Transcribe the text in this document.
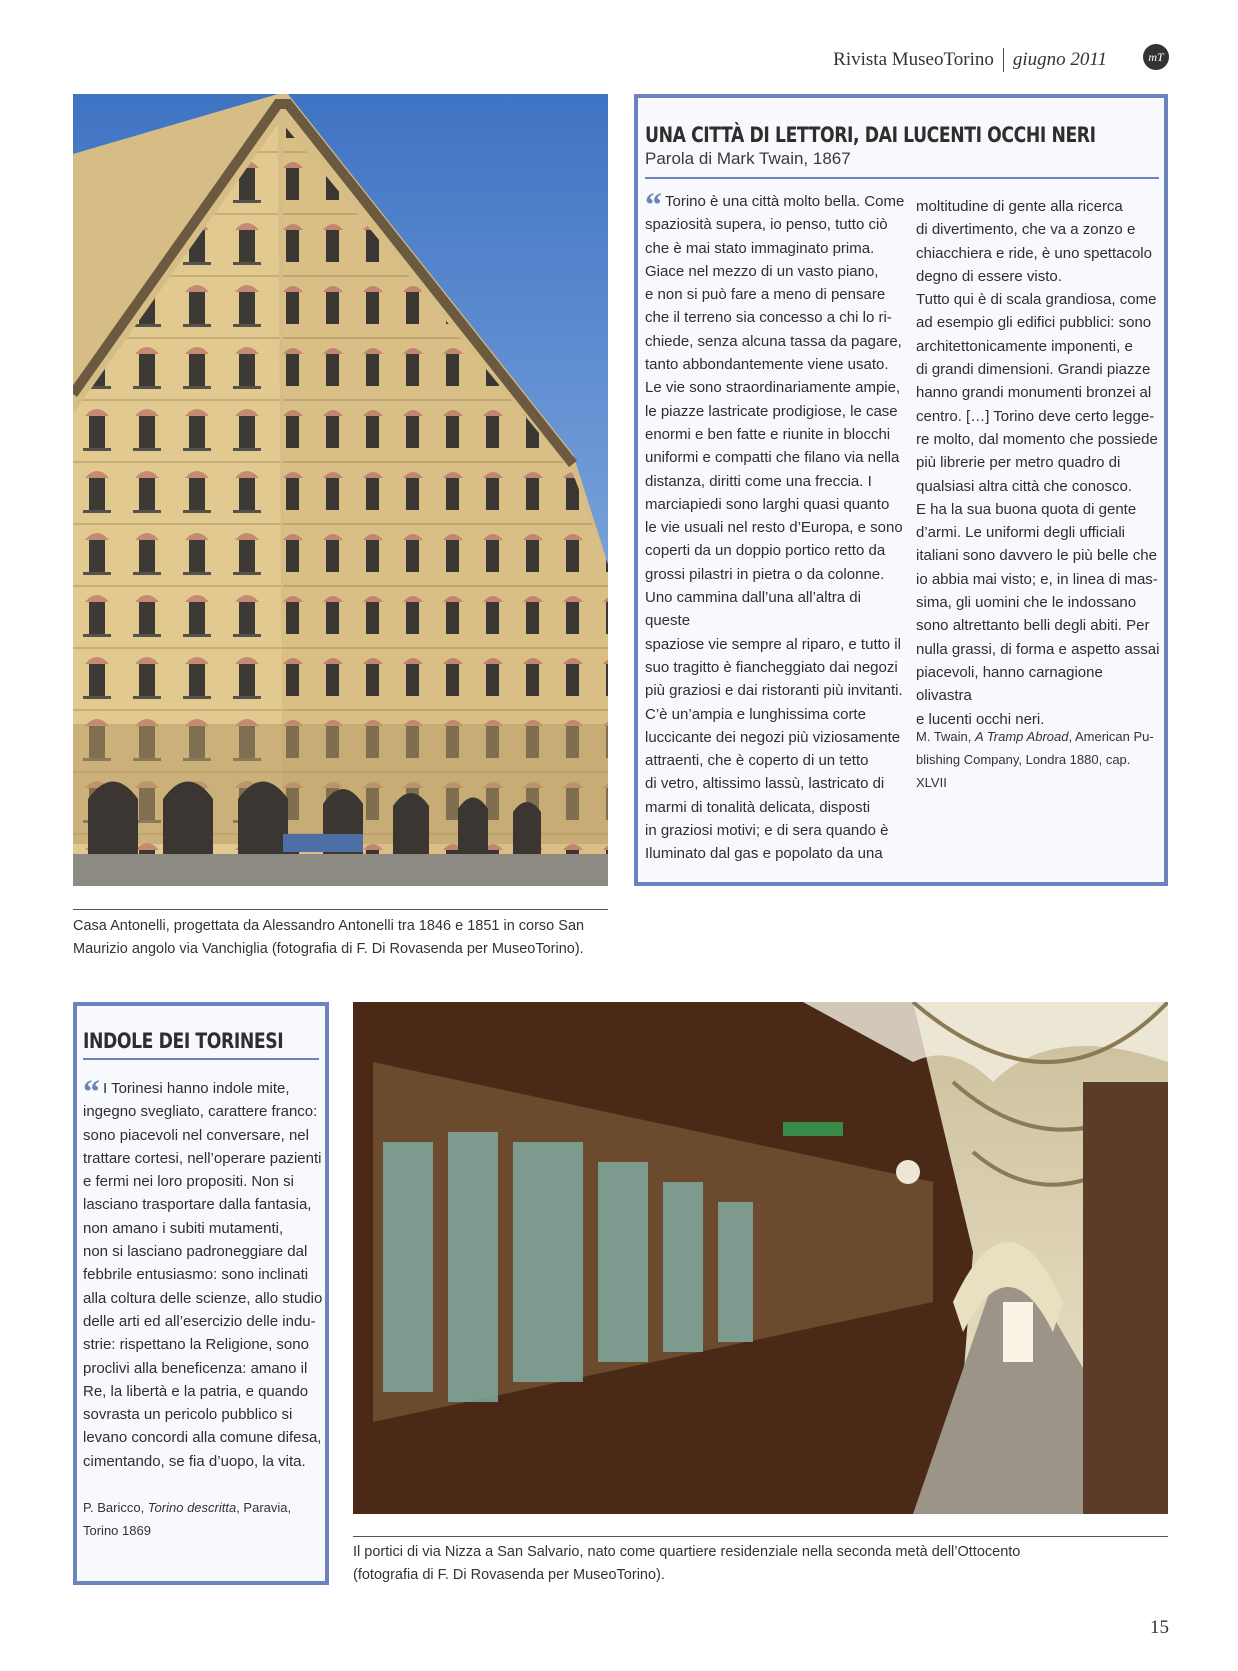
Rivista MuseoTorino giugno 2011	mT
Casa Antonelli, progettata da Alessandro Antonelli tra 1846 e 1851 in corso San
Maurizio angolo via Vanchiglia (fotografia di F. Di Rovasenda per MuseoTorino).
UNA CITTÀ DI LETTORI, DAI LUCENTI OCCHI NERI
Parola di Mark Twain, 1867
“ Torino è una città molto bella. Come
spaziosità supera, io penso, tutto ciò
che è mai stato immaginato prima.
Giace nel mezzo di un vasto piano,
e non si può fare a meno di pensare
che il terreno sia concesso a chi lo ri-
chiede, senza alcuna tassa da pagare,
tanto abbondantemente viene usato.
Le vie sono straordinariamente ampie,
le piazze lastricate prodigiose, le case
enormi e ben fatte e riunite in blocchi
uniformi e compatti che filano via nella
distanza, diritti come una freccia. I
marciapiedi sono larghi quasi quanto
le vie usuali nel resto d’Europa, e sono
coperti da un doppio portico retto da
grossi pilastri in pietra o da colonne.
Uno cammina dall’una all’altra di queste
spaziose vie sempre al riparo, e tutto il
suo tragitto è fiancheggiato dai negozi
più graziosi e dai ristoranti più invitanti.
C’è un’ampia e lunghissima corte
luccicante dei negozi più viziosamente
attraenti, che è coperto di un tetto
di vetro, altissimo lassù, lastricato di
marmi di tonalità delicata, disposti
in graziosi motivi; e di sera quando è
Iluminato dal gas e popolato da una
moltitudine di gente alla ricerca
di divertimento, che va a zonzo e
chiacchiera e ride, è uno spettacolo
degno di essere visto.
Tutto qui è di scala grandiosa, come
ad esempio gli edifici pubblici: sono
architettonicamente imponenti, e
di grandi dimensioni. Grandi piazze
hanno grandi monumenti bronzei al
centro. […] Torino deve certo legge-
re molto, dal momento che possiede
più librerie per metro quadro di
qualsiasi altra città che conosco.
E ha la sua buona quota di gente
d’armi. Le uniformi degli ufficiali
italiani sono davvero le più belle che
io abbia mai visto; e, in linea di mas-
sima, gli uomini che le indossano
sono altrettanto belli degli abiti. Per
nulla grassi, di forma e aspetto assai
piacevoli, hanno carnagione olivastra
e lucenti occhi neri.
M. Twain, A Tramp Abroad, American Pu-
blishing Company, Londra 1880, cap. XLVII
INDOLE DEI TORINESI
“ I Torinesi hanno indole mite,
ingegno svegliato, carattere franco:
sono piacevoli nel conversare, nel
trattare cortesi, nell’operare pazienti
e fermi nei loro propositi. Non si
lasciano trasportare dalla fantasia,
non amano i subiti mutamenti,
non si lasciano padroneggiare dal
febbrile entusiasmo: sono inclinati
alla coltura delle scienze, allo studio
delle arti ed all’esercizio delle indu-
strie: rispettano la Religione, sono
proclivi alla beneficenza: amano il
Re, la libertà e la patria, e quando
sovrasta un pericolo pubblico si
levano concordi alla comune difesa,
cimentando, se fia d’uopo, la vita.
P. Baricco, Torino descritta, Paravia,
Torino 1869
Il portici di via Nizza a San Salvario, nato come quartiere residenziale nella seconda metà dell’Ottocento
(fotografia di F. Di Rovasenda per MuseoTorino).
15
